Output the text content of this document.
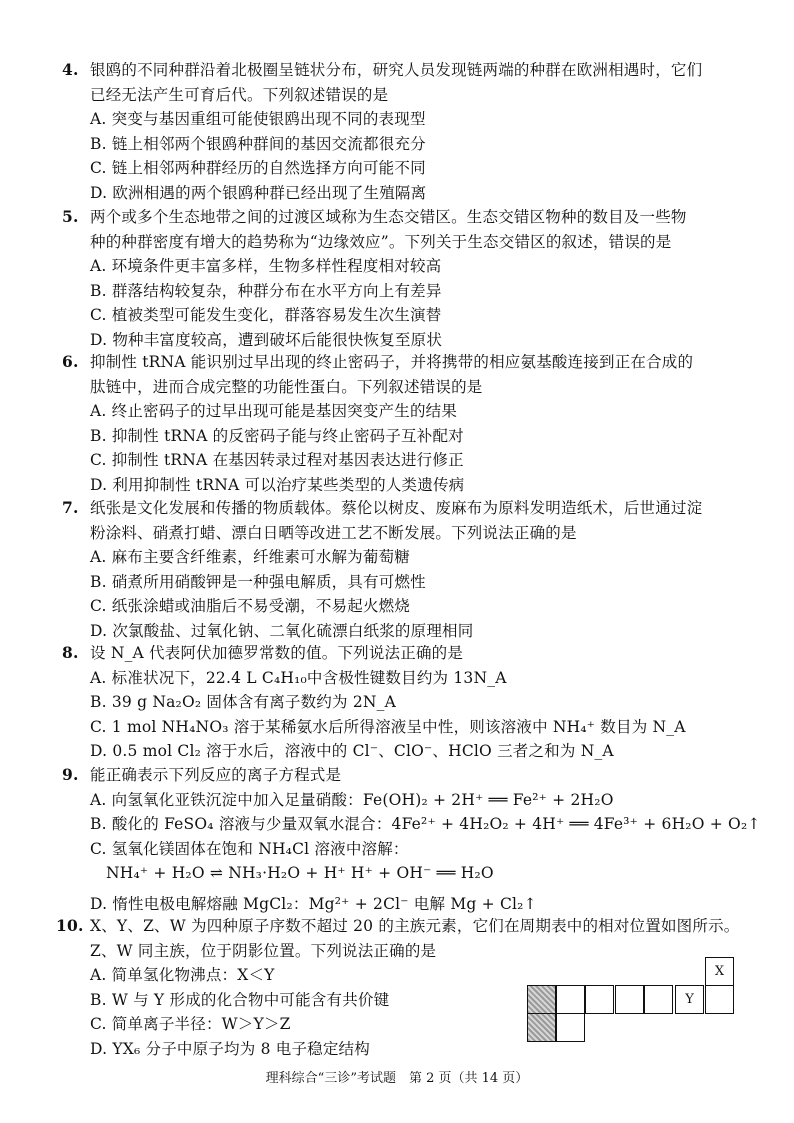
4. 银鸥的不同种群沿着北极圈呈链状分布，研究人员发现链两端的种群在欧洲相遇时，它们
已经无法产生可育后代。下列叙述错误的是
A. 突变与基因重组可能使银鸥出现不同的表现型
B. 链上相邻两个银鸥种群间的基因交流都很充分
C. 链上相邻两种群经历的自然选择方向可能不同
D. 欧洲相遇的两个银鸥种群已经出现了生殖隔离
5. 两个或多个生态地带之间的过渡区域称为生态交错区。生态交错区物种的数目及一些物
种的种群密度有增大的趋势称为“边缘效应”。下列关于生态交错区的叙述，错误的是
A. 环境条件更丰富多样，生物多样性程度相对较高
B. 群落结构较复杂，种群分布在水平方向上有差异
C. 植被类型可能发生变化，群落容易发生次生演替
D. 物种丰富度较高，遭到破坏后能很快恢复至原状
6. 抑制性 tRNA 能识别过早出现的终止密码子，并将携带的相应氨基酸连接到正在合成的
肽链中，进而合成完整的功能性蛋白。下列叙述错误的是
A. 终止密码子的过早出现可能是基因突变产生的结果
B. 抑制性 tRNA 的反密码子能与终止密码子互补配对
C. 抑制性 tRNA 在基因转录过程对基因表达进行修正
D. 利用抑制性 tRNA 可以治疗某些类型的人类遗传病
7. 纸张是文化发展和传播的物质载体。蔡伦以树皮、废麻布为原料发明造纸术，后世通过淀
粉涂料、硝煮打蜡、漂白日晒等改进工艺不断发展。下列说法正确的是
A. 麻布主要含纤维素，纤维素可水解为葡萄糖
B. 硝煮所用硝酸钾是一种强电解质，具有可燃性
C. 纸张涂蜡或油脂后不易受潮，不易起火燃烧
D. 次氯酸盐、过氧化钠、二氧化硫漂白纸浆的原理相同
8. 设 N_A 代表阿伏加德罗常数的值。下列说法正确的是
A. 标准状况下，22.4 L C₄H₁₀中含极性键数目约为 13N_A
B. 39 g Na₂O₂ 固体含有离子数约为 2N_A
C. 1 mol NH₄NO₃ 溶于某稀氨水后所得溶液呈中性，则该溶液中 NH₄⁺ 数目为 N_A
D. 0.5 mol Cl₂ 溶于水后，溶液中的 Cl⁻、ClO⁻、HClO 三者之和为 N_A
9. 能正确表示下列反应的离子方程式是
A. 向氢氧化亚铁沉淀中加入足量硝酸：Fe(OH)₂ + 2H⁺ ══ Fe²⁺ + 2H₂O
B. 酸化的 FeSO₄ 溶液与少量双氧水混合：4Fe²⁺ + 4H₂O₂ + 4H⁺ ══ 4Fe³⁺ + 6H₂O + O₂↑
C. 氢氧化镁固体在饱和 NH₄Cl 溶液中溶解：
NH₄⁺ + H₂O ⇌ NH₃·H₂O + H⁺ H⁺ + OH⁻ ══ H₂O
D. 惰性电极电解熔融 MgCl₂：Mg²⁺ + 2Cl⁻ 电解 Mg + Cl₂↑
10. X、Y、Z、W 为四种原子序数不超过 20 的主族元素，它们在周期表中的相对位置如图所示。
Z、W 同主族，位于阴影位置。下列说法正确的是
A. 简单氢化物沸点：X＜Y
B. W 与 Y 形成的化合物中可能含有共价键
C. 简单离子半径：W＞Y＞Z
D. YX₆ 分子中原子均为 8 电子稳定结构
X
Y
理科综合“三诊”考试题　第 2 页（共 14 页）
